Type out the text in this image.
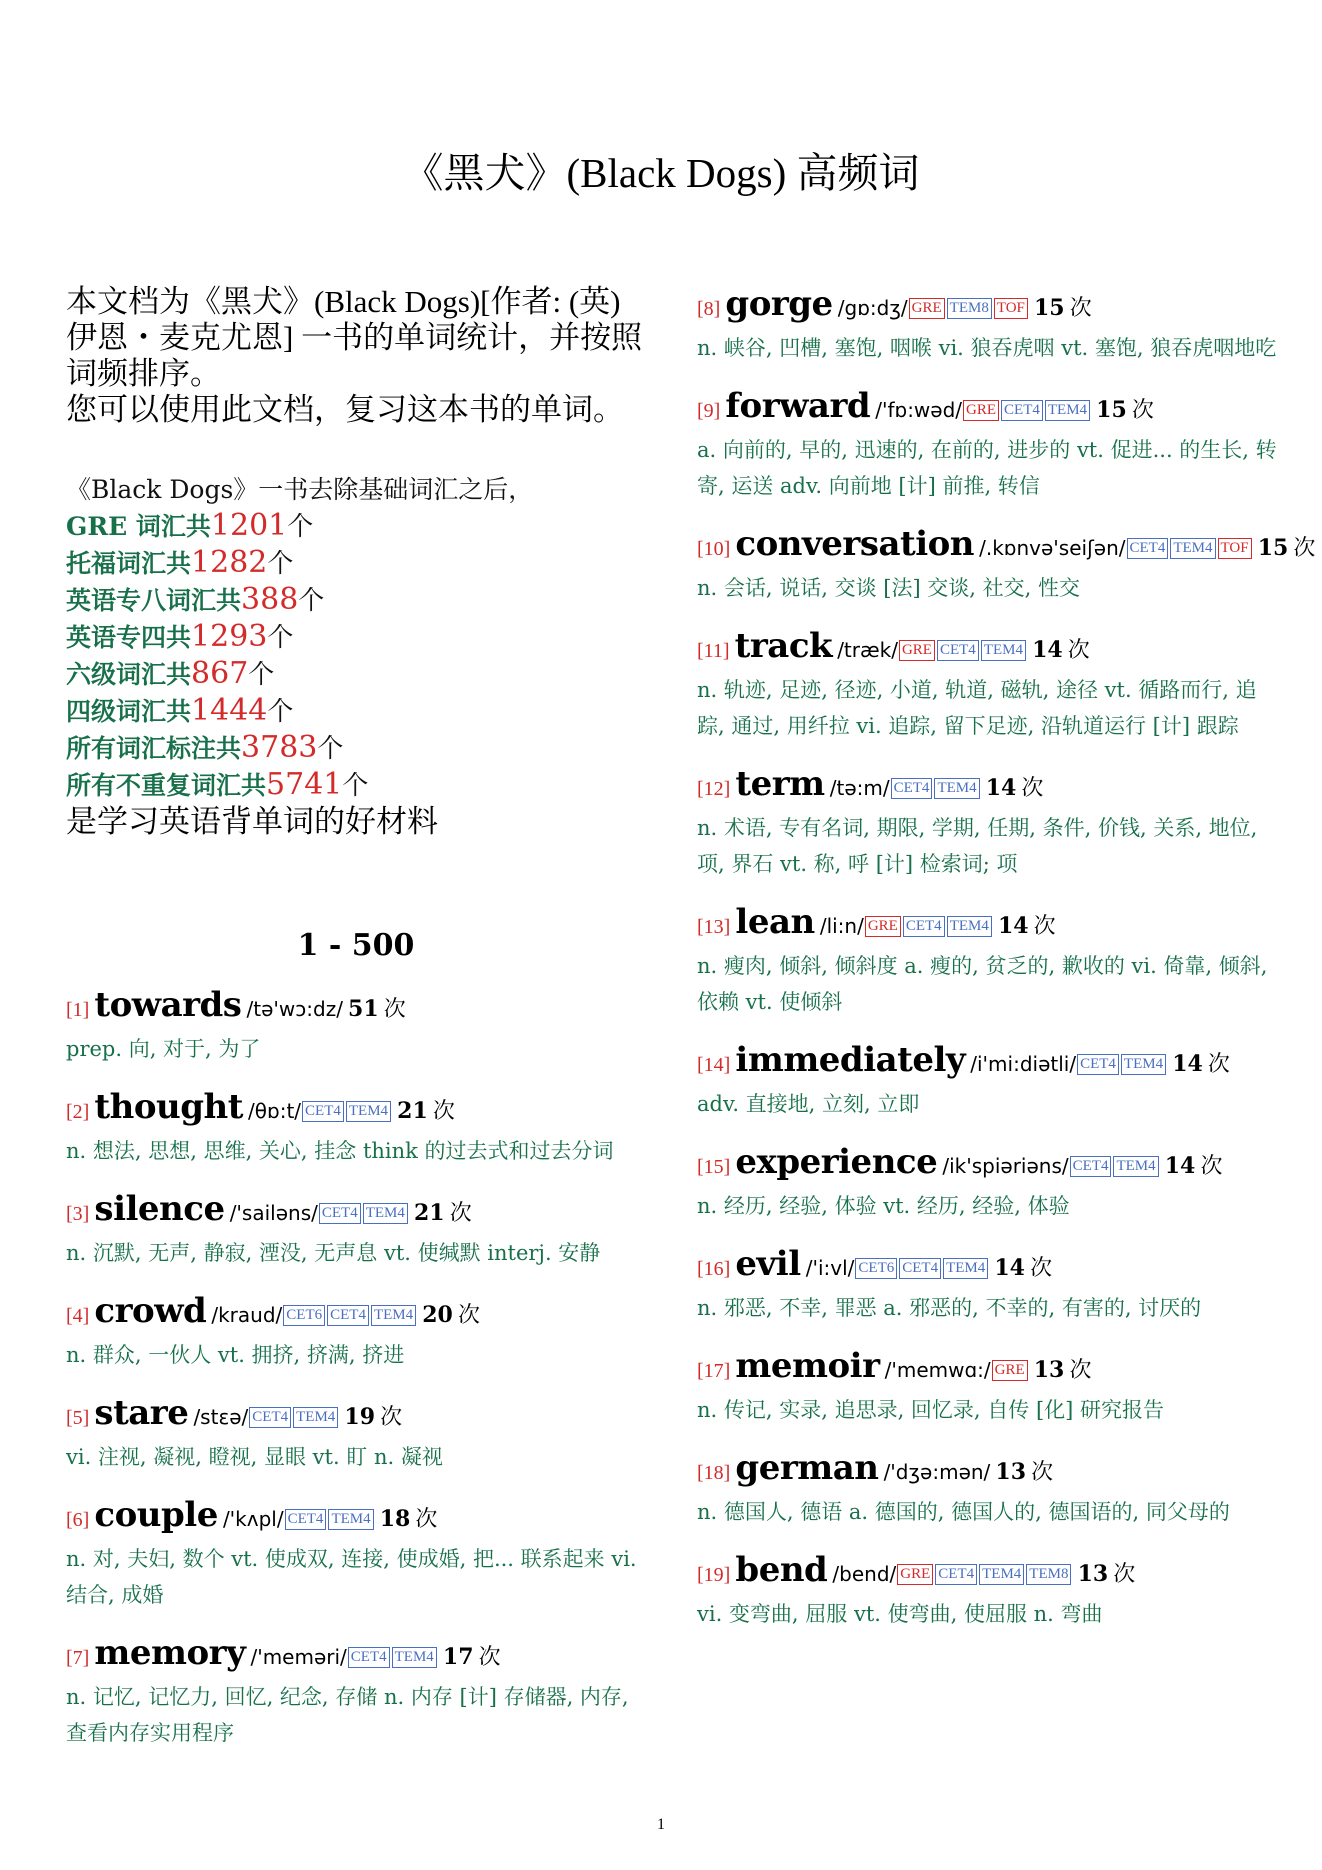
《黑犬》(Black Dogs) 高频词

本文档为《黑犬》(Black Dogs)[作者: (英) 伊恩・麦克尤恩] 一书的单词统计，并按照词频排序。

您可以使用此文档，复习这本书的单词。

《Black Dogs》一书去除基础词汇之后，
GRE 词汇共1201个
托福词汇共1282个
英语专八词汇共388个
英语专四共1293个
六级词汇共867个
四级词汇共1444个
所有词汇标注共3783个
所有不重复词汇共5741个
是学习英语背单词的好材料
1 - 500
[1] towards /tə'wɔ:dz/ 51 次
prep. 向, 对于, 为了
[2] thought /θɒ:t/ CET4 TEM4 21 次
n. 想法, 思想, 思维, 关心, 挂念 think 的过去式和过去分词
[3] silence /'sailəns/ CET4 TEM4 21 次
n. 沉默, 无声, 静寂, 湮没, 无声息 vt. 使缄默 interj. 安静
[4] crowd /kraud/ CET6 CET4 TEM4 20 次
n. 群众, 一伙人 vt. 拥挤, 挤满, 挤进
[5] stare /stεə/ CET4 TEM4 19 次
vi. 注视, 凝视, 瞪视, 显眼 vt. 盯 n. 凝视
[6] couple /'kʌpl/ CET4 TEM4 18 次
n. 对, 夫妇, 数个 vt. 使成双, 连接, 使成婚, 把... 联系起来 vi. 结合, 成婚
[7] memory /'meməri/ CET4 TEM4 17 次
n. 记忆, 记忆力, 回忆, 纪念, 存储 n. 内存 [计] 存储器, 内存, 查看内存实用程序
[8] gorge /gɒ:dʒ/ GRE TEM8 TOF 15 次
n. 峡谷, 凹槽, 塞饱, 咽喉 vi. 狼吞虎咽 vt. 塞饱, 狼吞虎咽地吃
[9] forward /'fɒ:wəd/ GRE CET4 TEM4 15 次
a. 向前的, 早的, 迅速的, 在前的, 进步的 vt. 促进... 的生长, 转寄, 运送 adv. 向前地 [计] 前推, 转信
[10] conversation /.kɒnvə'seiʃən/ CET4 TEM4 TOF 15 次
n. 会话, 说话, 交谈 [法] 交谈, 社交, 性交
[11] track /træk/ GRE CET4 TEM4 14 次
n. 轨迹, 足迹, 径迹, 小道, 轨道, 磁轨, 途径 vt. 循路而行, 追踪, 通过, 用纤拉 vi. 追踪, 留下足迹, 沿轨道运行 [计] 跟踪
[12] term /tə:m/ CET4 TEM4 14 次
n. 术语, 专有名词, 期限, 学期, 任期, 条件, 价钱, 关系, 地位, 项, 界石 vt. 称, 呼 [计] 检索词; 项
[13] lean /li:n/ GRE CET4 TEM4 14 次
n. 瘦肉, 倾斜, 倾斜度 a. 瘦的, 贫乏的, 歉收的 vi. 倚靠, 倾斜, 依赖 vt. 使倾斜
[14] immediately /i'mi:diətli/ CET4 TEM4 14 次
adv. 直接地, 立刻, 立即
[15] experience /ik'spiəriəns/ CET4 TEM4 14 次
n. 经历, 经验, 体验 vt. 经历, 经验, 体验
[16] evil /'i:vl/ CET6 CET4 TEM4 14 次
n. 邪恶, 不幸, 罪恶 a. 邪恶的, 不幸的, 有害的, 讨厌的
[17] memoir /'memwɑ:/ GRE 13 次
n. 传记, 实录, 追思录, 回忆录, 自传 [化] 研究报告
[18] german /'dʒə:mən/ 13 次
n. 德国人, 德语 a. 德国的, 德国人的, 德国语的, 同父母的
[19] bend /bend/ GRE CET4 TEM4 TEM8 13 次
vi. 变弯曲, 屈服 vt. 使弯曲, 使屈服 n. 弯曲
1
